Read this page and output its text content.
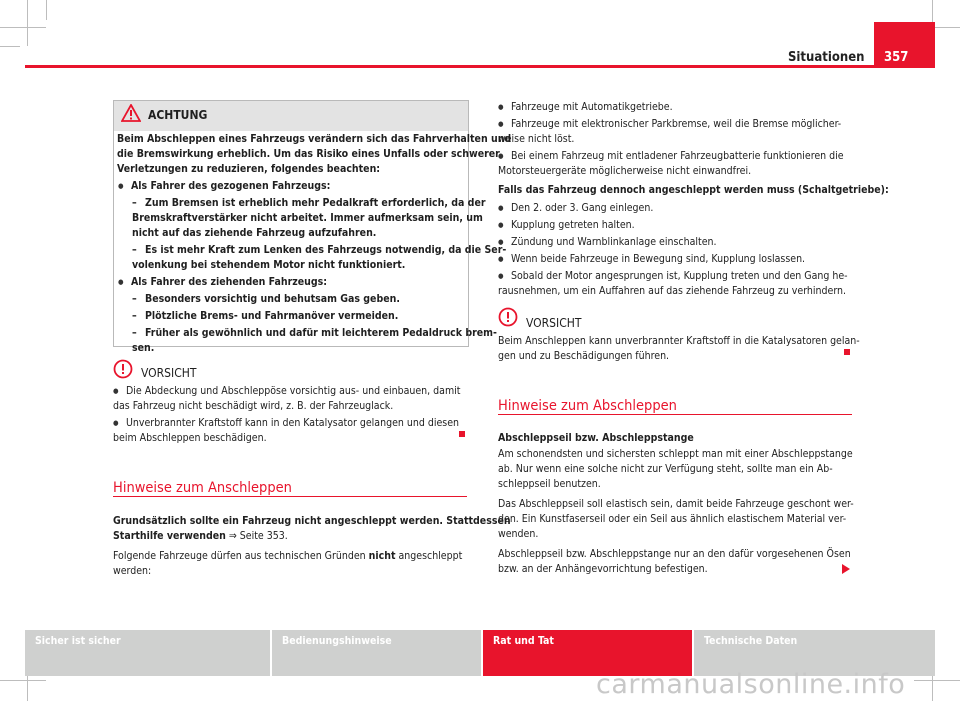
Situationen 357
ACHTUNG
Beim Abschleppen eines Fahrzeugs verändern sich das Fahrverhalten und
die Bremswirkung erheblich. Um das Risiko eines Unfalls oder schwerer
Verletzungen zu reduzieren, folgendes beachten:
● Als Fahrer des gezogenen Fahrzeugs:
– Zum Bremsen ist erheblich mehr Pedalkraft erforderlich, da der
Bremskraftverstärker nicht arbeitet. Immer aufmerksam sein, um
nicht auf das ziehende Fahrzeug aufzufahren.
– Es ist mehr Kraft zum Lenken des Fahrzeugs notwendig, da die Ser-
volenkung bei stehendem Motor nicht funktioniert.
● Als Fahrer des ziehenden Fahrzeugs:
– Besonders vorsichtig und behutsam Gas geben.
– Plötzliche Brems- und Fahrmanöver vermeiden.
– Früher als gewöhnlich und dafür mit leichterem Pedaldruck brem-
sen.
VORSICHT
● Die Abdeckung und Abschleppöse vorsichtig aus- und einbauen, damit
das Fahrzeug nicht beschädigt wird, z. B. der Fahrzeuglack.
● Unverbrannter Kraftstoff kann in den Katalysator gelangen und diesen
beim Abschleppen beschädigen.
Hinweise zum Anschleppen
Grundsätzlich sollte ein Fahrzeug nicht angeschleppt werden. Stattdessen
Starthilfe verwenden ⇒ Seite 353.
Folgende Fahrzeuge dürfen aus technischen Gründen nicht angeschleppt
werden:
● Fahrzeuge mit Automatikgetriebe.
● Fahrzeuge mit elektronischer Parkbremse, weil die Bremse möglicher-
weise nicht löst.
● Bei einem Fahrzeug mit entladener Fahrzeugbatterie funktionieren die
Motorsteuergeräte möglicherweise nicht einwandfrei.
Falls das Fahrzeug dennoch angeschleppt werden muss (Schaltgetriebe):
● Den 2. oder 3. Gang einlegen.
● Kupplung getreten halten.
● Zündung und Warnblinkanlage einschalten.
● Wenn beide Fahrzeuge in Bewegung sind, Kupplung loslassen.
● Sobald der Motor angesprungen ist, Kupplung treten und den Gang he-
rausnehmen, um ein Auffahren auf das ziehende Fahrzeug zu verhindern.
VORSICHT
Beim Anschleppen kann unverbrannter Kraftstoff in die Katalysatoren gelan-
gen und zu Beschädigungen führen.
Hinweise zum Abschleppen
Abschleppseil bzw. Abschleppstange
Am schonendsten und sichersten schleppt man mit einer Abschleppstange
ab. Nur wenn eine solche nicht zur Verfügung steht, sollte man ein Ab-
schleppseil benutzen.
Das Abschleppseil soll elastisch sein, damit beide Fahrzeuge geschont wer-
den. Ein Kunstfaserseil oder ein Seil aus ähnlich elastischem Material ver-
wenden.
Abschleppseil bzw. Abschleppstange nur an den dafür vorgesehenen Ösen
bzw. an der Anhängevorrichtung befestigen.
Sicher ist sicher	Bedienungshinweise	Rat und Tat	Technische Daten
carmanualsonline.info
